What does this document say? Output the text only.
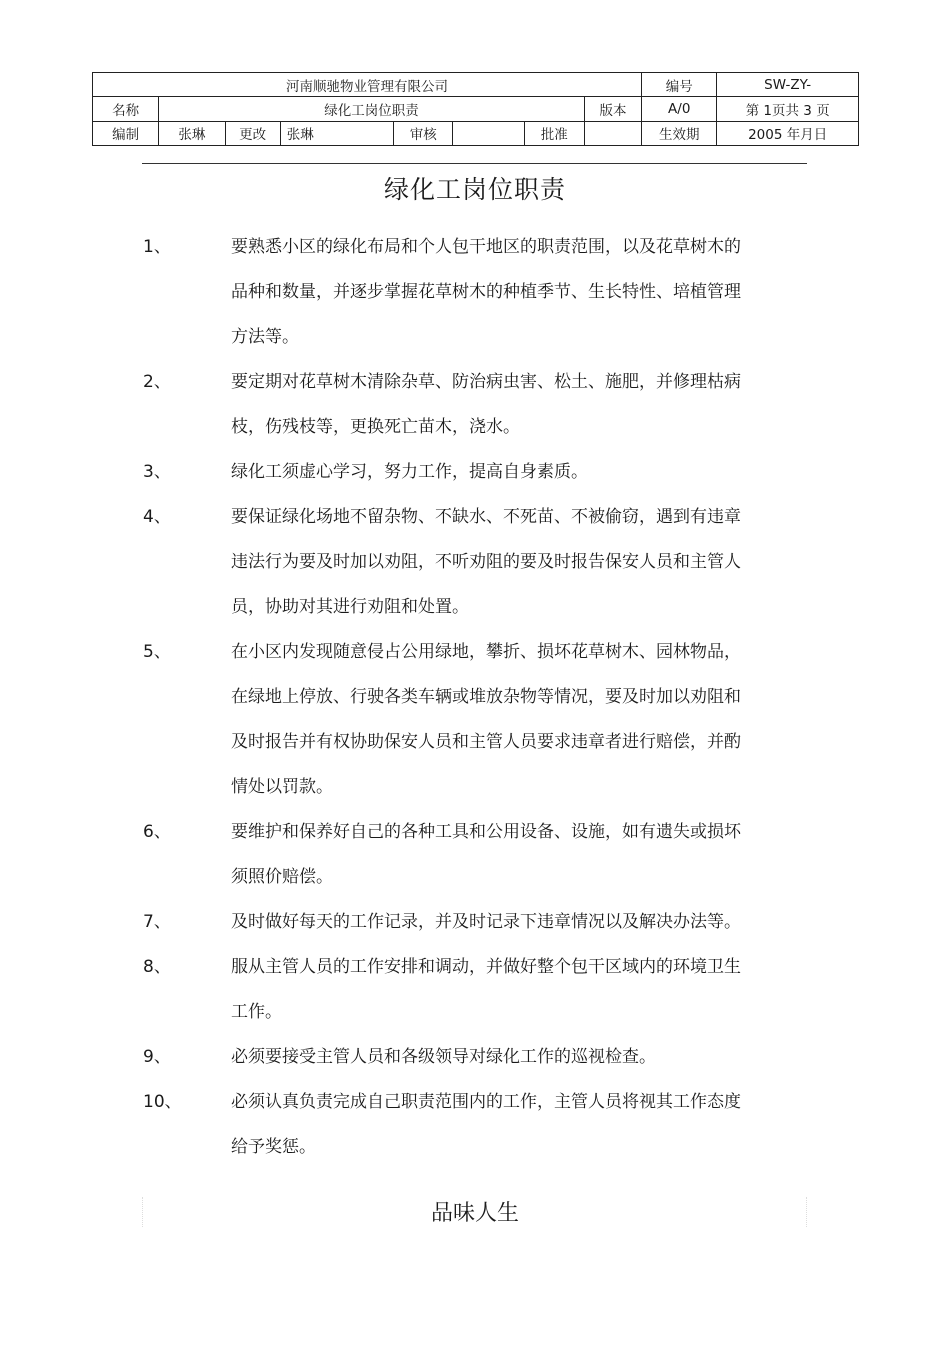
河南顺驰物业管理有限公司								编号	SW-ZY-
名称	绿化工岗位职责						版本	A/0	第 1页共 3 页
编制	张琳	更改	张琳	审核		批准		生效期	2005 年月日
绿化工岗位职责
1、	要熟悉小区的绿化布局和个人包干地区的职责范围，以及花草树木的
品种和数量，并逐步掌握花草树木的种植季节、生长特性、培植管理
方法等。
2、	要定期对花草树木清除杂草、防治病虫害、松土、施肥，并修理枯病
枝，伤残枝等，更换死亡苗木，浇水。
3、	绿化工须虚心学习，努力工作，提高自身素质。
4、	要保证绿化场地不留杂物、不缺水、不死苗、不被偷窃，遇到有违章
违法行为要及时加以劝阻，不听劝阻的要及时报告保安人员和主管人
员，协助对其进行劝阻和处置。
5、	在小区内发现随意侵占公用绿地，攀折、损坏花草树木、园林物品，
在绿地上停放、行驶各类车辆或堆放杂物等情况，要及时加以劝阻和
及时报告并有权协助保安人员和主管人员要求违章者进行赔偿，并酌
情处以罚款。
6、	要维护和保养好自己的各种工具和公用设备、设施，如有遗失或损坏
须照价赔偿。
7、	及时做好每天的工作记录，并及时记录下违章情况以及解决办法等。
8、	服从主管人员的工作安排和调动，并做好整个包干区域内的环境卫生
工作。
9、	必须要接受主管人员和各级领导对绿化工作的巡视检查。
10、	必须认真负责完成自己职责范围内的工作，主管人员将视其工作态度
给予奖惩。
品味人生
